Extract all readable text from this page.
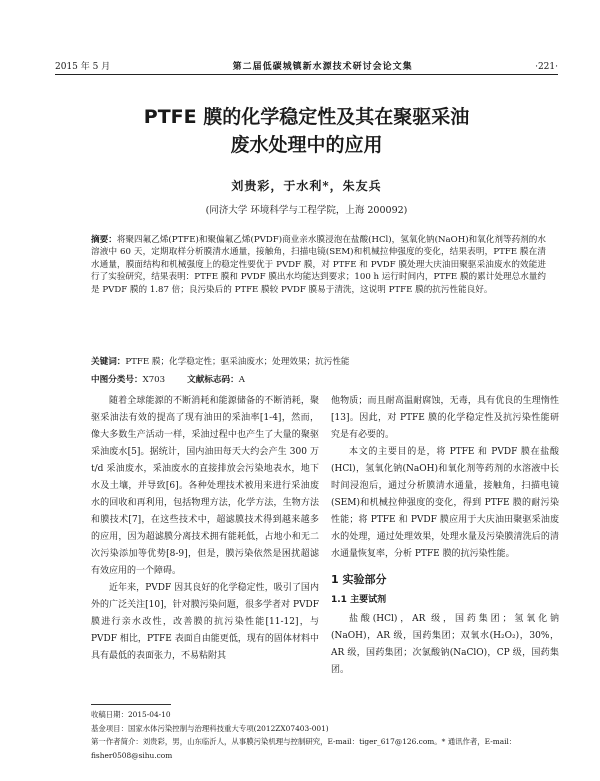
2015 年 5 月	第二届低碳城镇新水源技术研讨会论文集	·221·
PTFE 膜的化学稳定性及其在聚驱采油
废水处理中的应用
刘贵彩，于水利*，朱友兵
(同济大学 环境科学与工程学院，上海 200092)
摘要：将聚四氟乙烯(PTFE)和聚偏氟乙烯(PVDF)商业亲水膜浸泡在盐酸(HCl)，氢氧化钠(NaOH)和氧化剂等药剂的水溶液中 60 天，定期取样分析膜清水通量，接触角，扫描电镜(SEM)和机械拉伸强度的变化，结果表明，PTFE 膜在清水通量，膜面结构和机械强度上的稳定性要优于 PVDF 膜，对 PTFE 和 PVDF 膜处理大庆油田聚驱采油废水的效能进行了实验研究，结果表明：PTFE 膜和 PVDF 膜出水均能达到要求；100 h 运行时间内，PTFE 膜的累计处理总水量约是 PVDF 膜的 1.87 倍；良污染后的 PTFE 膜较 PVDF 膜易于清洗，这说明 PTFE 膜的抗污性能良好。
关键词：PTFE 膜；化学稳定性；驱采油废水；处理效果；抗污性能
中图分类号：X703	文献标志码：A

随着全球能源的不断消耗和能源储备的不断消耗，聚驱采油法有效的提高了现有油田的采油率[1-4]，然而，像大多数生产活动一样，采油过程中也产生了大量的聚驱采油废水[5]。据统计，国内油田每天大约会产生 300 万 t/d 采油废水，采油废水的直接排放会污染地表水，地下水及土壤，并导致[6]。各种处理技术被用来进行采油废水的回收和再利用，包括物理方法，化学方法，生物方法和膜技术[7]，在这些技术中，超滤膜技术得到越来越多的应用，因为超滤膜分离技术拥有能耗低，占地小和无二次污染添加等优势[8-9]，但是，膜污染依然是困扰超滤有效应用的一个障碍。

近年来，PVDF 因其良好的化学稳定性，吸引了国内外的广泛关注[10]，针对膜污染问题，很多学者对 PVDF 膜进行亲水改性，改善膜的抗污染性能[11-12]，与 PVDF 相比，PTFE 表面自由能更低，现有的固体材料中具有最低的表面张力，不易粘附其

他物质；而且耐高温耐腐蚀，无毒，具有优良的生理惰性[13]。因此，对 PTFE 膜的化学稳定性及抗污染性能研究是有必要的。

本文的主要目的是，将 PTFE 和 PVDF 膜在盐酸(HCl)，氢氧化钠(NaOH)和氧化剂等药剂的水溶液中长时间浸泡后，通过分析膜清水通量，接触角，扫描电镜(SEM)和机械拉伸强度的变化，得到 PTFE 膜的耐污染性能；将 PTFE 和 PVDF 膜应用于大庆油田聚驱采油废水的处理，通过处理效果，处理水量及污染膜清洗后的清水通量恢复率，分析 PTFE 膜的抗污染性能。

1 实验部分
1.1 主要试剂

盐酸(HCl)，AR 级，国药集团；氢氧化钠(NaOH)，AR 级，国药集团；双氧水(H₂O₂)，30%，AR 级，国药集团；次氯酸钠(NaClO)，CP 级，国药集团。

收稿日期：2015-04-10
基金项目：国家水体污染控制与治理科技重大专项(2012ZX07403-001)
第一作者简介：刘贵彩，男，山东临沂人，从事膜污染机理与控制研究，E-mail：tiger_617@126.com。* 通讯作者，E-mail：
fisher0508@sihu.com
